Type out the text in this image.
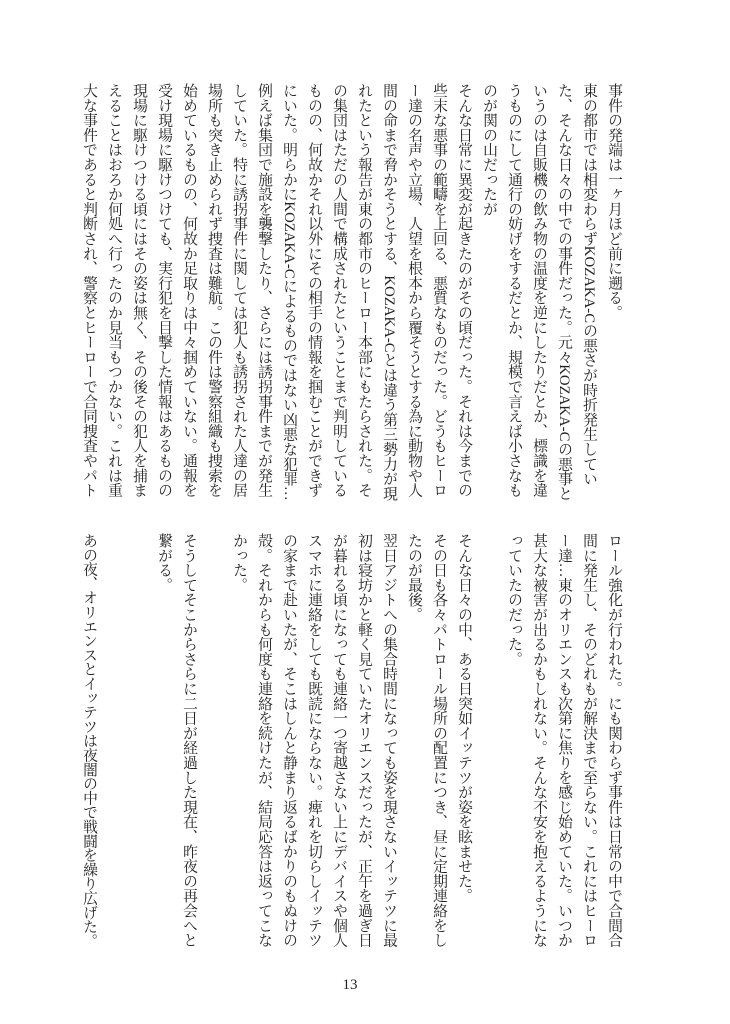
事件の発端は一ヶ月ほど前に遡る。
東の都市では相変わらずKOZAKA-Cの悪さが時折発生してい
た、そんな日々の中での事件だった。元々KOZAKA-Cの悪事と
いうのは自販機の飲み物の温度を逆にしたりだとか、標識を違
うものにして通行の妨げをするだとか、規模で言えば小さなも
のが関の山だったが
そんな日常に異変が起きたのがその頃だった。それは今までの
些末な悪事の範疇を上回る、悪質なものだった。どうもヒーロ
ー達の名声や立場、人望を根本から覆そうとする為に動物や人
間の命まで脅かそうとする、KOZAKA-Cとは違う第三勢力が現
れたという報告が東の都市のヒーロー本部にもたらされた。そ
の集団はただの人間で構成されたということまで判明している
ものの、何故かそれ以外にその相手の情報を掴むことができず
にいた。明らかにKOZAKA-Cによるものではない凶悪な犯罪…
例えば集団で施設を襲撃したり、さらには誘拐事件までが発生
していた。特に誘拐事件に関しては犯人も誘拐された人達の居
場所も突き止められず捜査は難航。この件は警察組織も捜索を
始めているものの、何故か足取りは中々掴めていない。通報を
受け現場に駆けつけても、実行犯を目撃した情報はあるものの
現場に駆けつける頃にはその姿は無く、その後その犯人を捕ま
えることはおろか何処へ行ったのか見当もつかない。これは重
大な事件であると判断され、警察とヒーローで合同捜査やパト
ロール強化が行われた。にも関わらず事件は日常の中で合間合
間に発生し、そのどれもが解決まで至らない。これにはヒーロ
ー達…東のオリエンスも次第に焦りを感じ始めていた。いつか
甚大な被害が出るかもしれない。そんな不安を抱えるようにな
っていたのだった。
そんな日々の中、ある日突如イッテツが姿を眩ませた。
その日も各々パトロール場所の配置につき、昼に定期連絡をし
たのが最後。
翌日アジトへの集合時間になっても姿を現さないイッテツに最
初は寝坊かと軽く見ていたオリエンスだったが、正午を過ぎ日
が暮れる頃になっても連絡一つ寄越さない上にデバイスや個人
スマホに連絡をしても既読にならない。痺れを切らしイッテツ
の家まで赴いたが、そこはしんと静まり返るばかりのもぬけの
殻。それからも何度も連絡を続けたが、結局応答は返ってこな
かった。
そうしてそこからさらに二日が経過した現在、昨夜の再会へと
繋がる。
あの夜、オリエンスとイッテツは夜闇の中で戦闘を繰り広げた。
13
